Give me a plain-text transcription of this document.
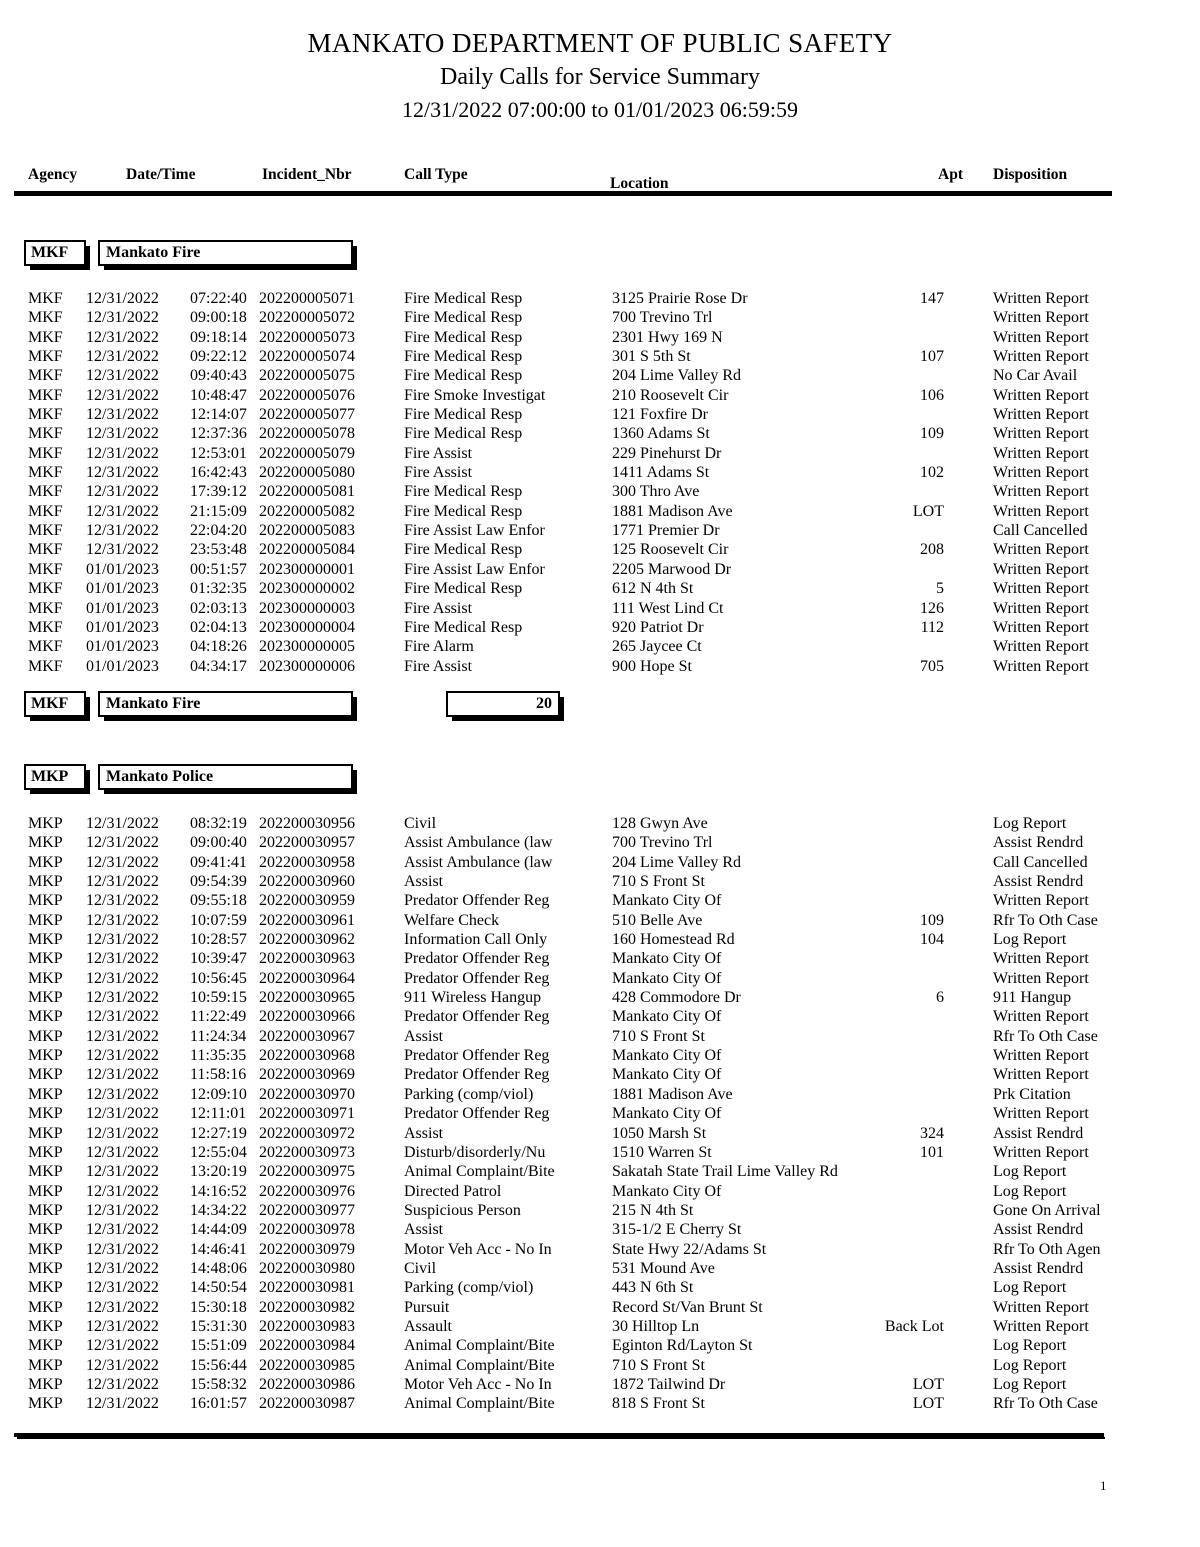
MANKATO DEPARTMENT OF PUBLIC SAFETY
Daily Calls for Service Summary
12/31/2022 07:00:00 to 01/01/2023 06:59:59
Agency	Date/Time	Incident_Nbr	Call Type
Location
Apt Disposition
MKF	Mankato Fire
MKF 12/31/2022 07:22:40 202200005071	Fire Medical Resp	3125 Prairie Rose Dr	147	Written Report
MKF 12/31/2022 09:00:18 202200005072	Fire Medical Resp	700 Trevino Trl	Written Report
MKF 12/31/2022 09:18:14 202200005073	Fire Medical Resp	2301 Hwy 169 N	Written Report
MKF 12/31/2022 09:22:12 202200005074	Fire Medical Resp	301 S 5th St	107	Written Report
MKF 12/31/2022 09:40:43 202200005075	Fire Medical Resp	204 Lime Valley Rd	No Car Avail
MKF 12/31/2022 10:48:47 202200005076	Fire Smoke Investigat	210 Roosevelt Cir	106	Written Report
MKF 12/31/2022 12:14:07 202200005077	Fire Medical Resp	121 Foxfire Dr	Written Report
MKF 12/31/2022 12:37:36 202200005078	Fire Medical Resp	1360 Adams St	109	Written Report
MKF 12/31/2022 12:53:01 202200005079	Fire Assist	229 Pinehurst Dr	Written Report
MKF 12/31/2022 16:42:43 202200005080	Fire Assist	1411 Adams St	102	Written Report
MKF 12/31/2022 17:39:12 202200005081	Fire Medical Resp	300 Thro Ave	Written Report
MKF 12/31/2022 21:15:09 202200005082	Fire Medical Resp	1881 Madison Ave	LOT	Written Report
MKF 12/31/2022 22:04:20 202200005083	Fire Assist Law Enfor	1771 Premier Dr	Call Cancelled
MKF 12/31/2022 23:53:48 202200005084	Fire Medical Resp	125 Roosevelt Cir	208	Written Report
MKF 01/01/2023 00:51:57 202300000001	Fire Assist Law Enfor	2205 Marwood Dr	Written Report
MKF 01/01/2023 01:32:35 202300000002	Fire Medical Resp	612 N 4th St	5	Written Report
MKF 01/01/2023 02:03:13 202300000003	Fire Assist	111 West Lind Ct	126	Written Report
MKF 01/01/2023 02:04:13 202300000004	Fire Medical Resp	920 Patriot Dr	112	Written Report
MKF 01/01/2023 04:18:26 202300000005	Fire Alarm	265 Jaycee Ct	Written Report
MKF 01/01/2023 04:34:17 202300000006	Fire Assist	900 Hope St	705	Written Report
MKF	Mankato Fire	20
MKP	Mankato Police
MKP 12/31/2022 08:32:19 202200030956	Civil	128 Gwyn Ave	Log Report
MKP 12/31/2022 09:00:40 202200030957	Assist Ambulance (law	700 Trevino Trl	Assist Rendrd
MKP 12/31/2022 09:41:41 202200030958	Assist Ambulance (law	204 Lime Valley Rd	Call Cancelled
MKP 12/31/2022 09:54:39 202200030960	Assist	710 S Front St	Assist Rendrd
MKP 12/31/2022 09:55:18 202200030959	Predator Offender Reg	Mankato City Of	Written Report
MKP 12/31/2022 10:07:59 202200030961	Welfare Check	510 Belle Ave	109	Rfr To Oth Case
MKP 12/31/2022 10:28:57 202200030962	Information Call Only	160 Homestead Rd	104	Log Report
MKP 12/31/2022 10:39:47 202200030963	Predator Offender Reg	Mankato City Of	Written Report
MKP 12/31/2022 10:56:45 202200030964	Predator Offender Reg	Mankato City Of	Written Report
MKP 12/31/2022 10:59:15 202200030965	911 Wireless Hangup	428 Commodore Dr	6	911 Hangup
MKP 12/31/2022 11:22:49 202200030966	Predator Offender Reg	Mankato City Of	Written Report
MKP 12/31/2022 11:24:34 202200030967	Assist	710 S Front St	Rfr To Oth Case
MKP 12/31/2022 11:35:35 202200030968	Predator Offender Reg	Mankato City Of	Written Report
MKP 12/31/2022 11:58:16 202200030969	Predator Offender Reg	Mankato City Of	Written Report
MKP 12/31/2022 12:09:10 202200030970	Parking (comp/viol)	1881 Madison Ave	Prk Citation
MKP 12/31/2022 12:11:01 202200030971	Predator Offender Reg	Mankato City Of	Written Report
MKP 12/31/2022 12:27:19 202200030972	Assist	1050 Marsh St	324	Assist Rendrd
MKP 12/31/2022 12:55:04 202200030973	Disturb/disorderly/Nu	1510 Warren St	101	Written Report
MKP 12/31/2022 13:20:19 202200030975	Animal Complaint/Bite	Sakatah State Trail Lime Valley Rd	Log Report
MKP 12/31/2022 14:16:52 202200030976	Directed Patrol	Mankato City Of	Log Report
MKP 12/31/2022 14:34:22 202200030977	Suspicious Person	215 N 4th St	Gone On Arrival
MKP 12/31/2022 14:44:09 202200030978	Assist	315-1/2 E Cherry St	Assist Rendrd
MKP 12/31/2022 14:46:41 202200030979	Motor Veh Acc - No In	State Hwy 22/Adams St	Rfr To Oth Agen
MKP 12/31/2022 14:48:06 202200030980	Civil	531 Mound Ave	Assist Rendrd
MKP 12/31/2022 14:50:54 202200030981	Parking (comp/viol)	443 N 6th St	Log Report
MKP 12/31/2022 15:30:18 202200030982	Pursuit	Record St/Van Brunt St	Written Report
MKP 12/31/2022 15:31:30 202200030983	Assault	30 Hilltop Ln	Back Lot	Written Report
MKP 12/31/2022 15:51:09 202200030984	Animal Complaint/Bite	Eginton Rd/Layton St	Log Report
MKP 12/31/2022 15:56:44 202200030985	Animal Complaint/Bite	710 S Front St	Log Report
MKP 12/31/2022 15:58:32 202200030986	Motor Veh Acc - No In	1872 Tailwind Dr	LOT	Log Report
MKP 12/31/2022 16:01:57 202200030987	Animal Complaint/Bite	818 S Front St	LOT	Rfr To Oth Case
1
